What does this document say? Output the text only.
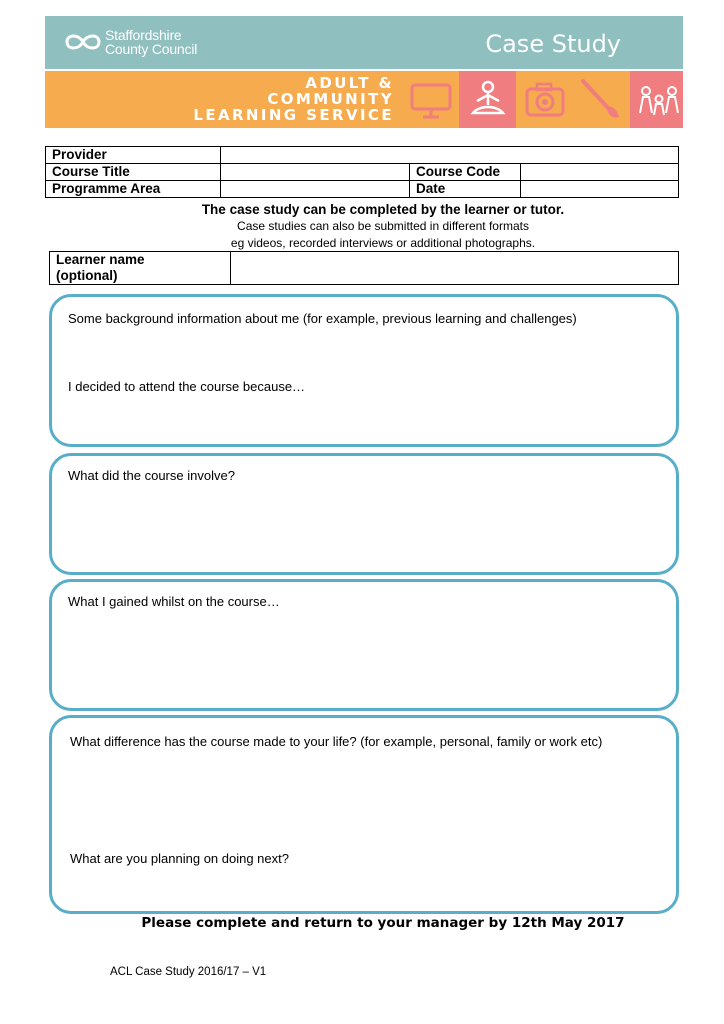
Staffordshire
County Council	Case Study
ADULT &
COMMUNITY
LEARNING SERVICE
Provider			
Course Title		Course Code	
Programme Area		Date	
The case study can be completed by the learner or tutor.
Case studies can also be submitted in different formats
eg videos, recorded interviews or additional photographs.
Learner name
(optional)

Some background information about me (for example, previous learning and challenges)
I decided to attend the course because…
What did the course involve?
What I gained whilst on the course…
What difference has the course made to your life? (for example, personal, family or work etc)
What are you planning on doing next?
Please complete and return to your manager by 12th May 2017
ACL Case Study 2016/17 – V1
